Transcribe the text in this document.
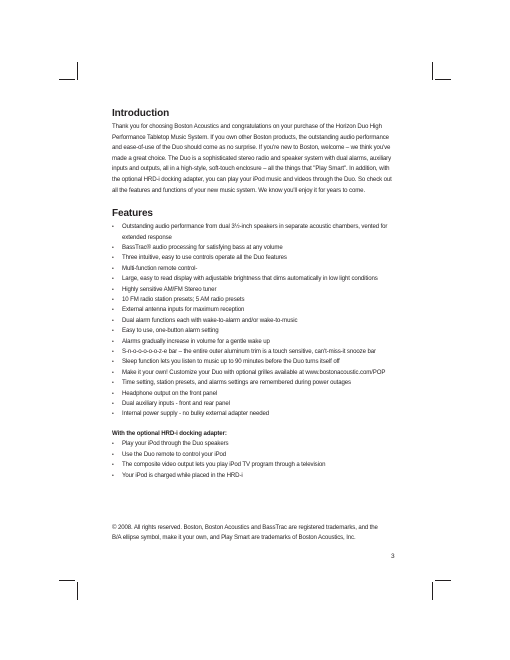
Introduction

Thank you for choosing Boston Acoustics and congratulations on your purchase of the Horizon Duo High Performance Tabletop Music System. If you own other Boston products, the outstanding audio performance and ease-of-use of the Duo should come as no surprise. If you're new to Boston, welcome – we think you've made a great choice. The Duo is a sophisticated stereo radio and speaker system with dual alarms, auxiliary inputs and outputs, all in a high-style, soft-touch enclosure – all the things that "Play Smart". In addition, with the optional HRD-i docking adapter, you can play your iPod music and videos through the Duo. So check out all the features and functions of your new music system. We know you'll enjoy it for years to come.

Features
• Outstanding audio performance from dual 3½-inch speakers in separate acoustic chambers, vented for extended response
• BassTrac® audio processing for satisfying bass at any volume
• Three intuitive, easy to use controls operate all the Duo features
• Multi-function remote control-
• Large, easy to read display with adjustable brightness that dims automatically in low light conditions
• Highly sensitive AM/FM Stereo tuner
• 10 FM radio station presets; 5 AM radio presets
• External antenna inputs for maximum reception
• Dual alarm functions each with wake-to-alarm and/or wake-to-music
• Easy to use, one-button alarm setting
• Alarms gradually increase in volume for a gentle wake up
• S-n-o-o-o-o-o-z-e bar – the entire outer aluminum trim is a touch sensitive, can't-miss-it snooze bar
• Sleep function lets you listen to music up to 90 minutes before the Duo turns itself off
• Make it your own! Customize your Duo with optional grilles available at www.bostonacoustic.com/POP
• Time setting, station presets, and alarms settings are remembered during power outages
• Headphone output on the front panel
• Dual auxiliary inputs - front and rear panel
• Internal power supply - no bulky external adapter needed
With the optional HRD-i docking adapter:
• Play your iPod through the Duo speakers
• Use the Duo remote to control your iPod
• The composite video output lets you play iPod TV program through a television
• Your iPod is charged while placed in the HRD-i
© 2008. All rights reserved. Boston, Boston Acoustics and BassTrac are registered trademarks, and the
B/A ellipse symbol, make it your own, and Play Smart are trademarks of Boston Acoustics, Inc.
3
